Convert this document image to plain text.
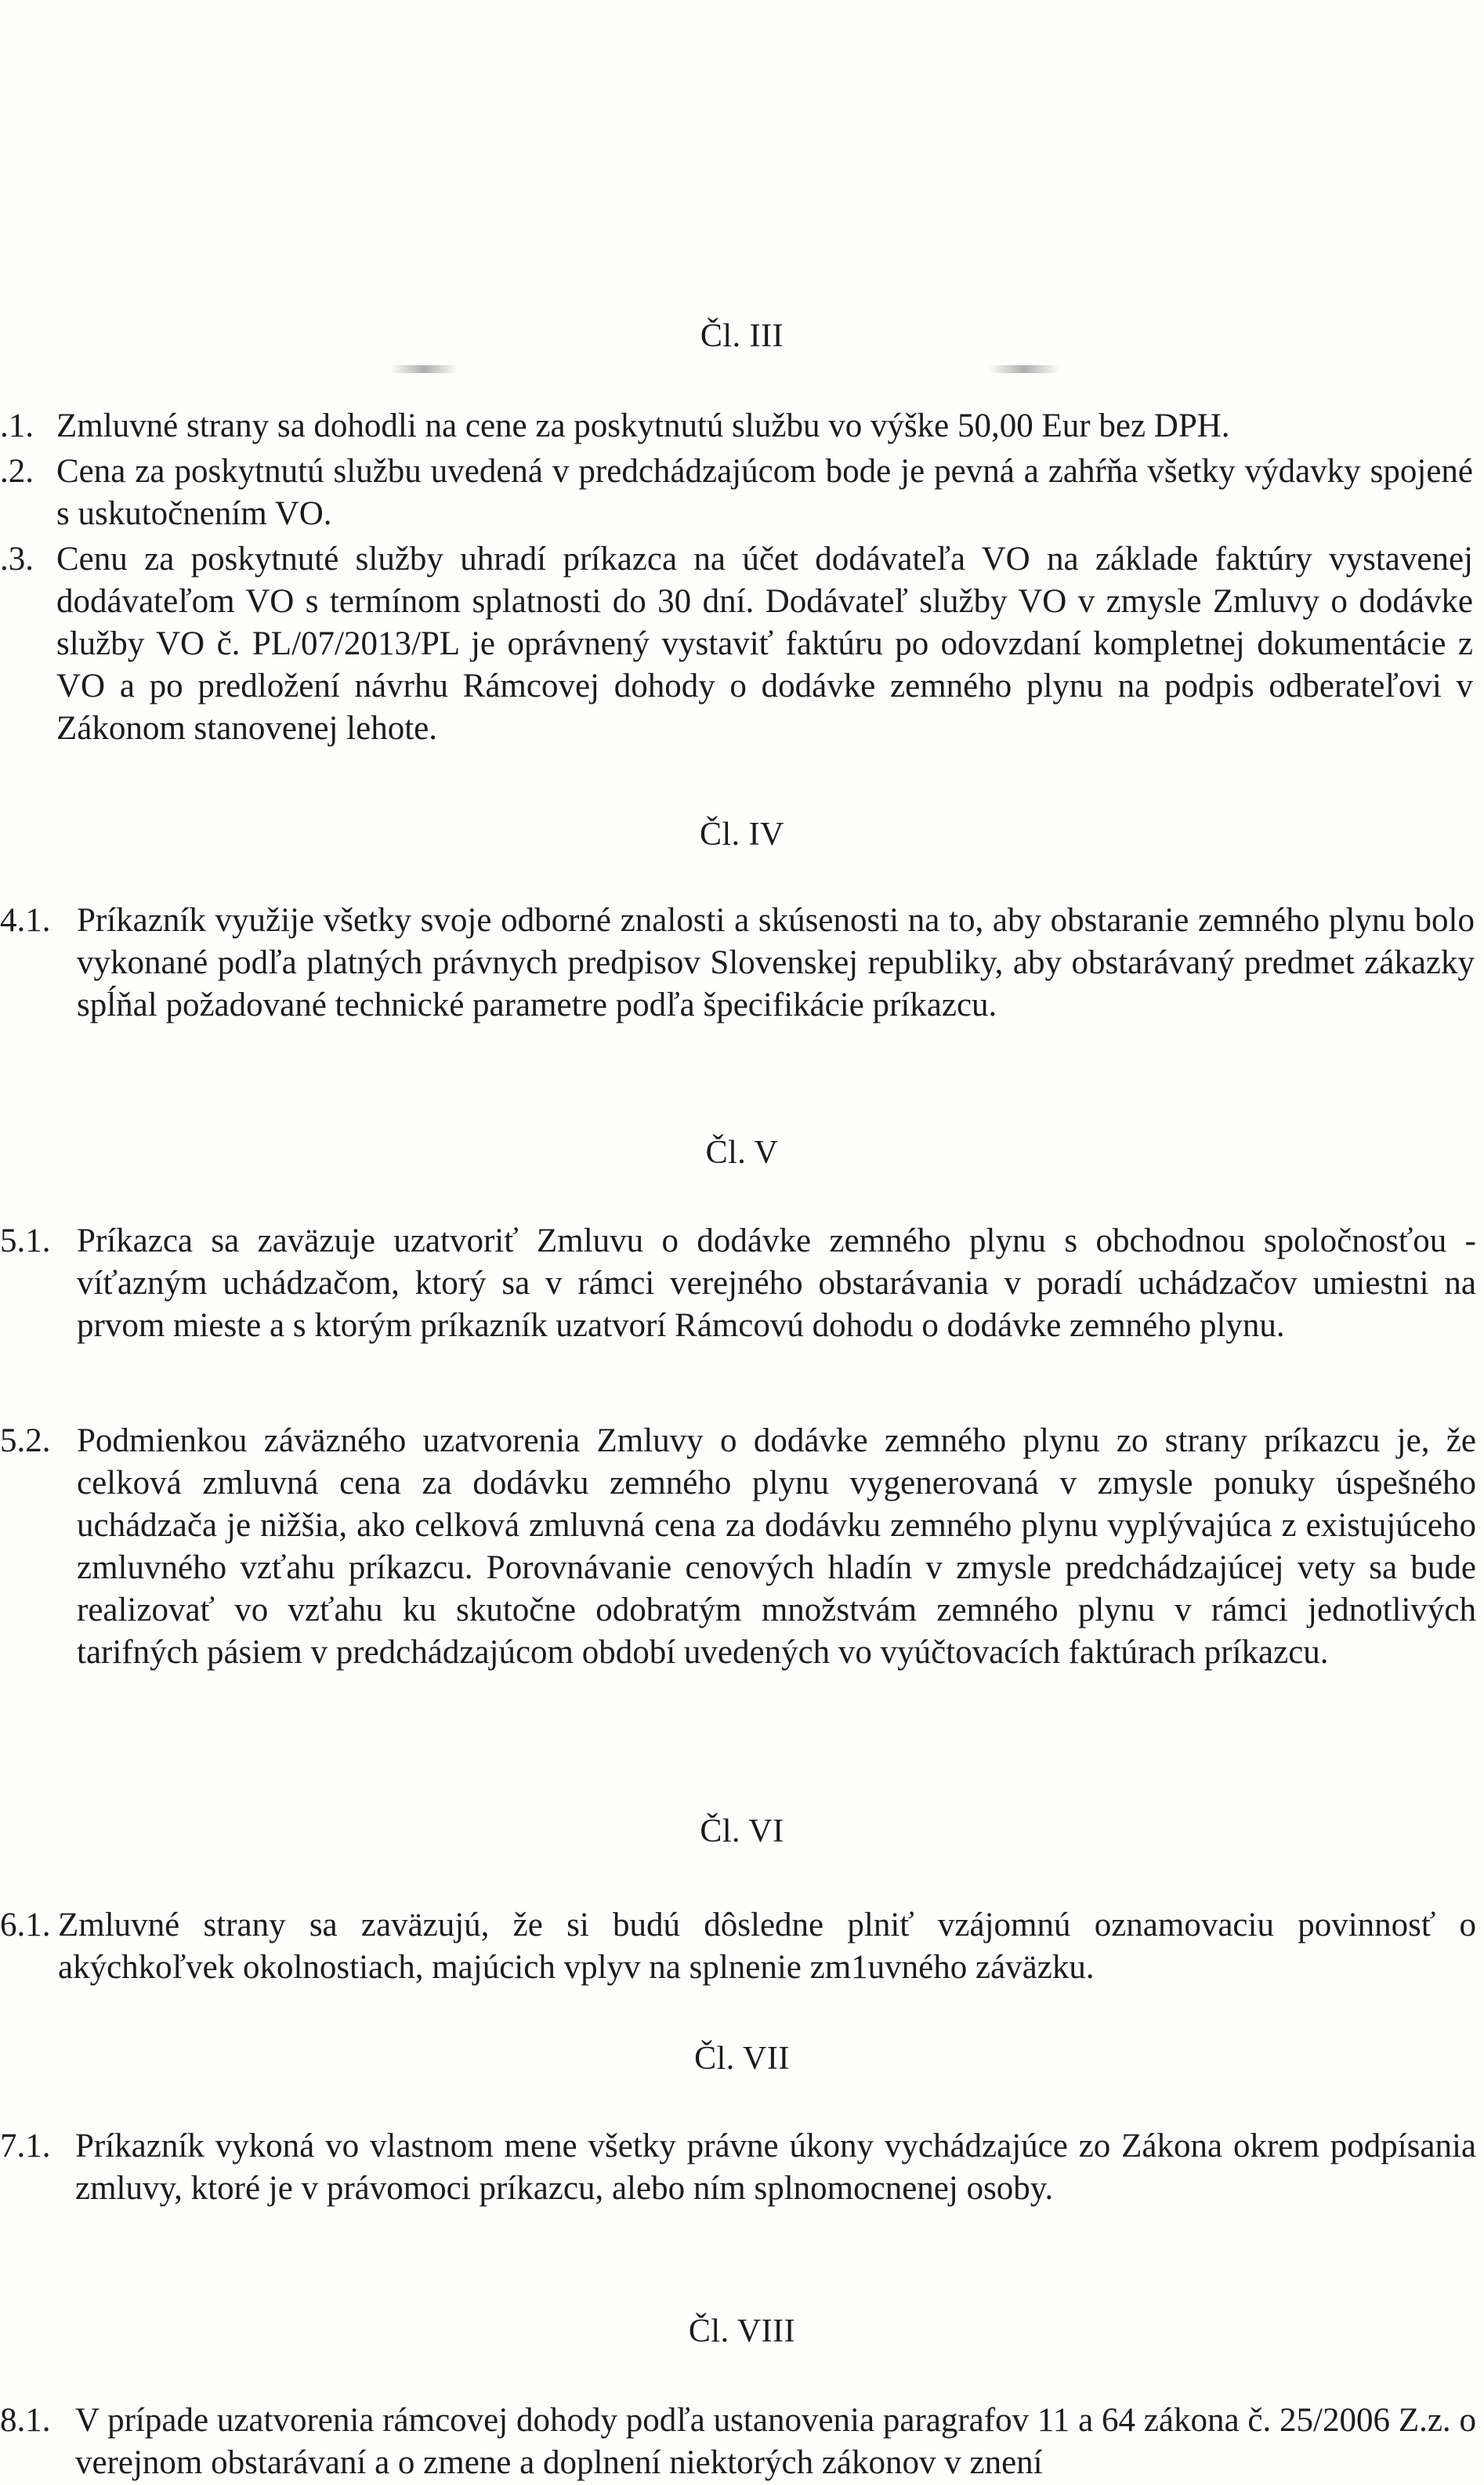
Čl. III
.1. Zmluvné strany sa dohodli na cene za poskytnutú službu vo výške 50,00 Eur bez DPH.
.2. Cena za poskytnutú službu uvedená v predchádzajúcom bode je pevná a zahŕňa všetky výdavky spojené s uskutočnením VO.
.3. Cenu za poskytnuté služby uhradí príkazca na účet dodávateľa VO na základe faktúry vystavenej dodávateľom VO s termínom splatnosti do 30 dní. Dodávateľ služby VO v zmysle Zmluvy o dodávke služby VO č. PL/07/2013/PL je oprávnený vystaviť faktúru po odovzdaní kompletnej dokumentácie z VO a po predložení návrhu Rámcovej dohody o dodávke zemného plynu na podpis odberateľovi v Zákonom stanovenej lehote.
Čl. IV
4.1. Príkazník využije všetky svoje odborné znalosti a skúsenosti na to, aby obstaranie zemného plynu bolo vykonané podľa platných právnych predpisov Slovenskej republiky, aby obstarávaný predmet zákazky spĺňal požadované technické parametre podľa špecifikácie príkazcu.
Čl. V
5.1. Príkazca sa zaväzuje uzatvoriť Zmluvu o dodávke zemného plynu s obchodnou spoločnosťou - víťazným uchádzačom, ktorý sa v rámci verejného obstarávania v poradí uchádzačov umiestni na prvom mieste a s ktorým príkazník uzatvorí Rámcovú dohodu o dodávke zemného plynu.
5.2. Podmienkou záväzného uzatvorenia Zmluvy o dodávke zemného plynu zo strany príkazcu je, že celková zmluvná cena za dodávku zemného plynu vygenerovaná v zmysle ponuky úspešného uchádzača je nižšia, ako celková zmluvná cena za dodávku zemného plynu vyplývajúca z existujúceho zmluvného vzťahu príkazcu. Porovnávanie cenových hladín v zmysle predchádzajúcej vety sa bude realizovať vo vzťahu ku skutočne odobratým množstvám zemného plynu v rámci jednotlivých tarifných pásiem v predchádzajúcom období uvedených vo vyúčtovacích faktúrach príkazcu.
Čl. VI
6.1. Zmluvné strany sa zaväzujú, že si budú dôsledne plniť vzájomnú oznamovaciu povinnosť o akýchkoľvek okolnostiach, majúcich vplyv na splnenie zm1uvného záväzku.
Čl. VII
7.1. Príkazník vykoná vo vlastnom mene všetky právne úkony vychádzajúce zo Zákona okrem podpísania zmluvy, ktoré je v právomoci príkazcu, alebo ním splnomocnenej osoby.
Čl. VIII
8.1. V prípade uzatvorenia rámcovej dohody podľa ustanovenia paragrafov 11 a 64 zákona č. 25/2006 Z.z. o verejnom obstarávaní a o zmene a doplnení niektorých zákonov v znení
